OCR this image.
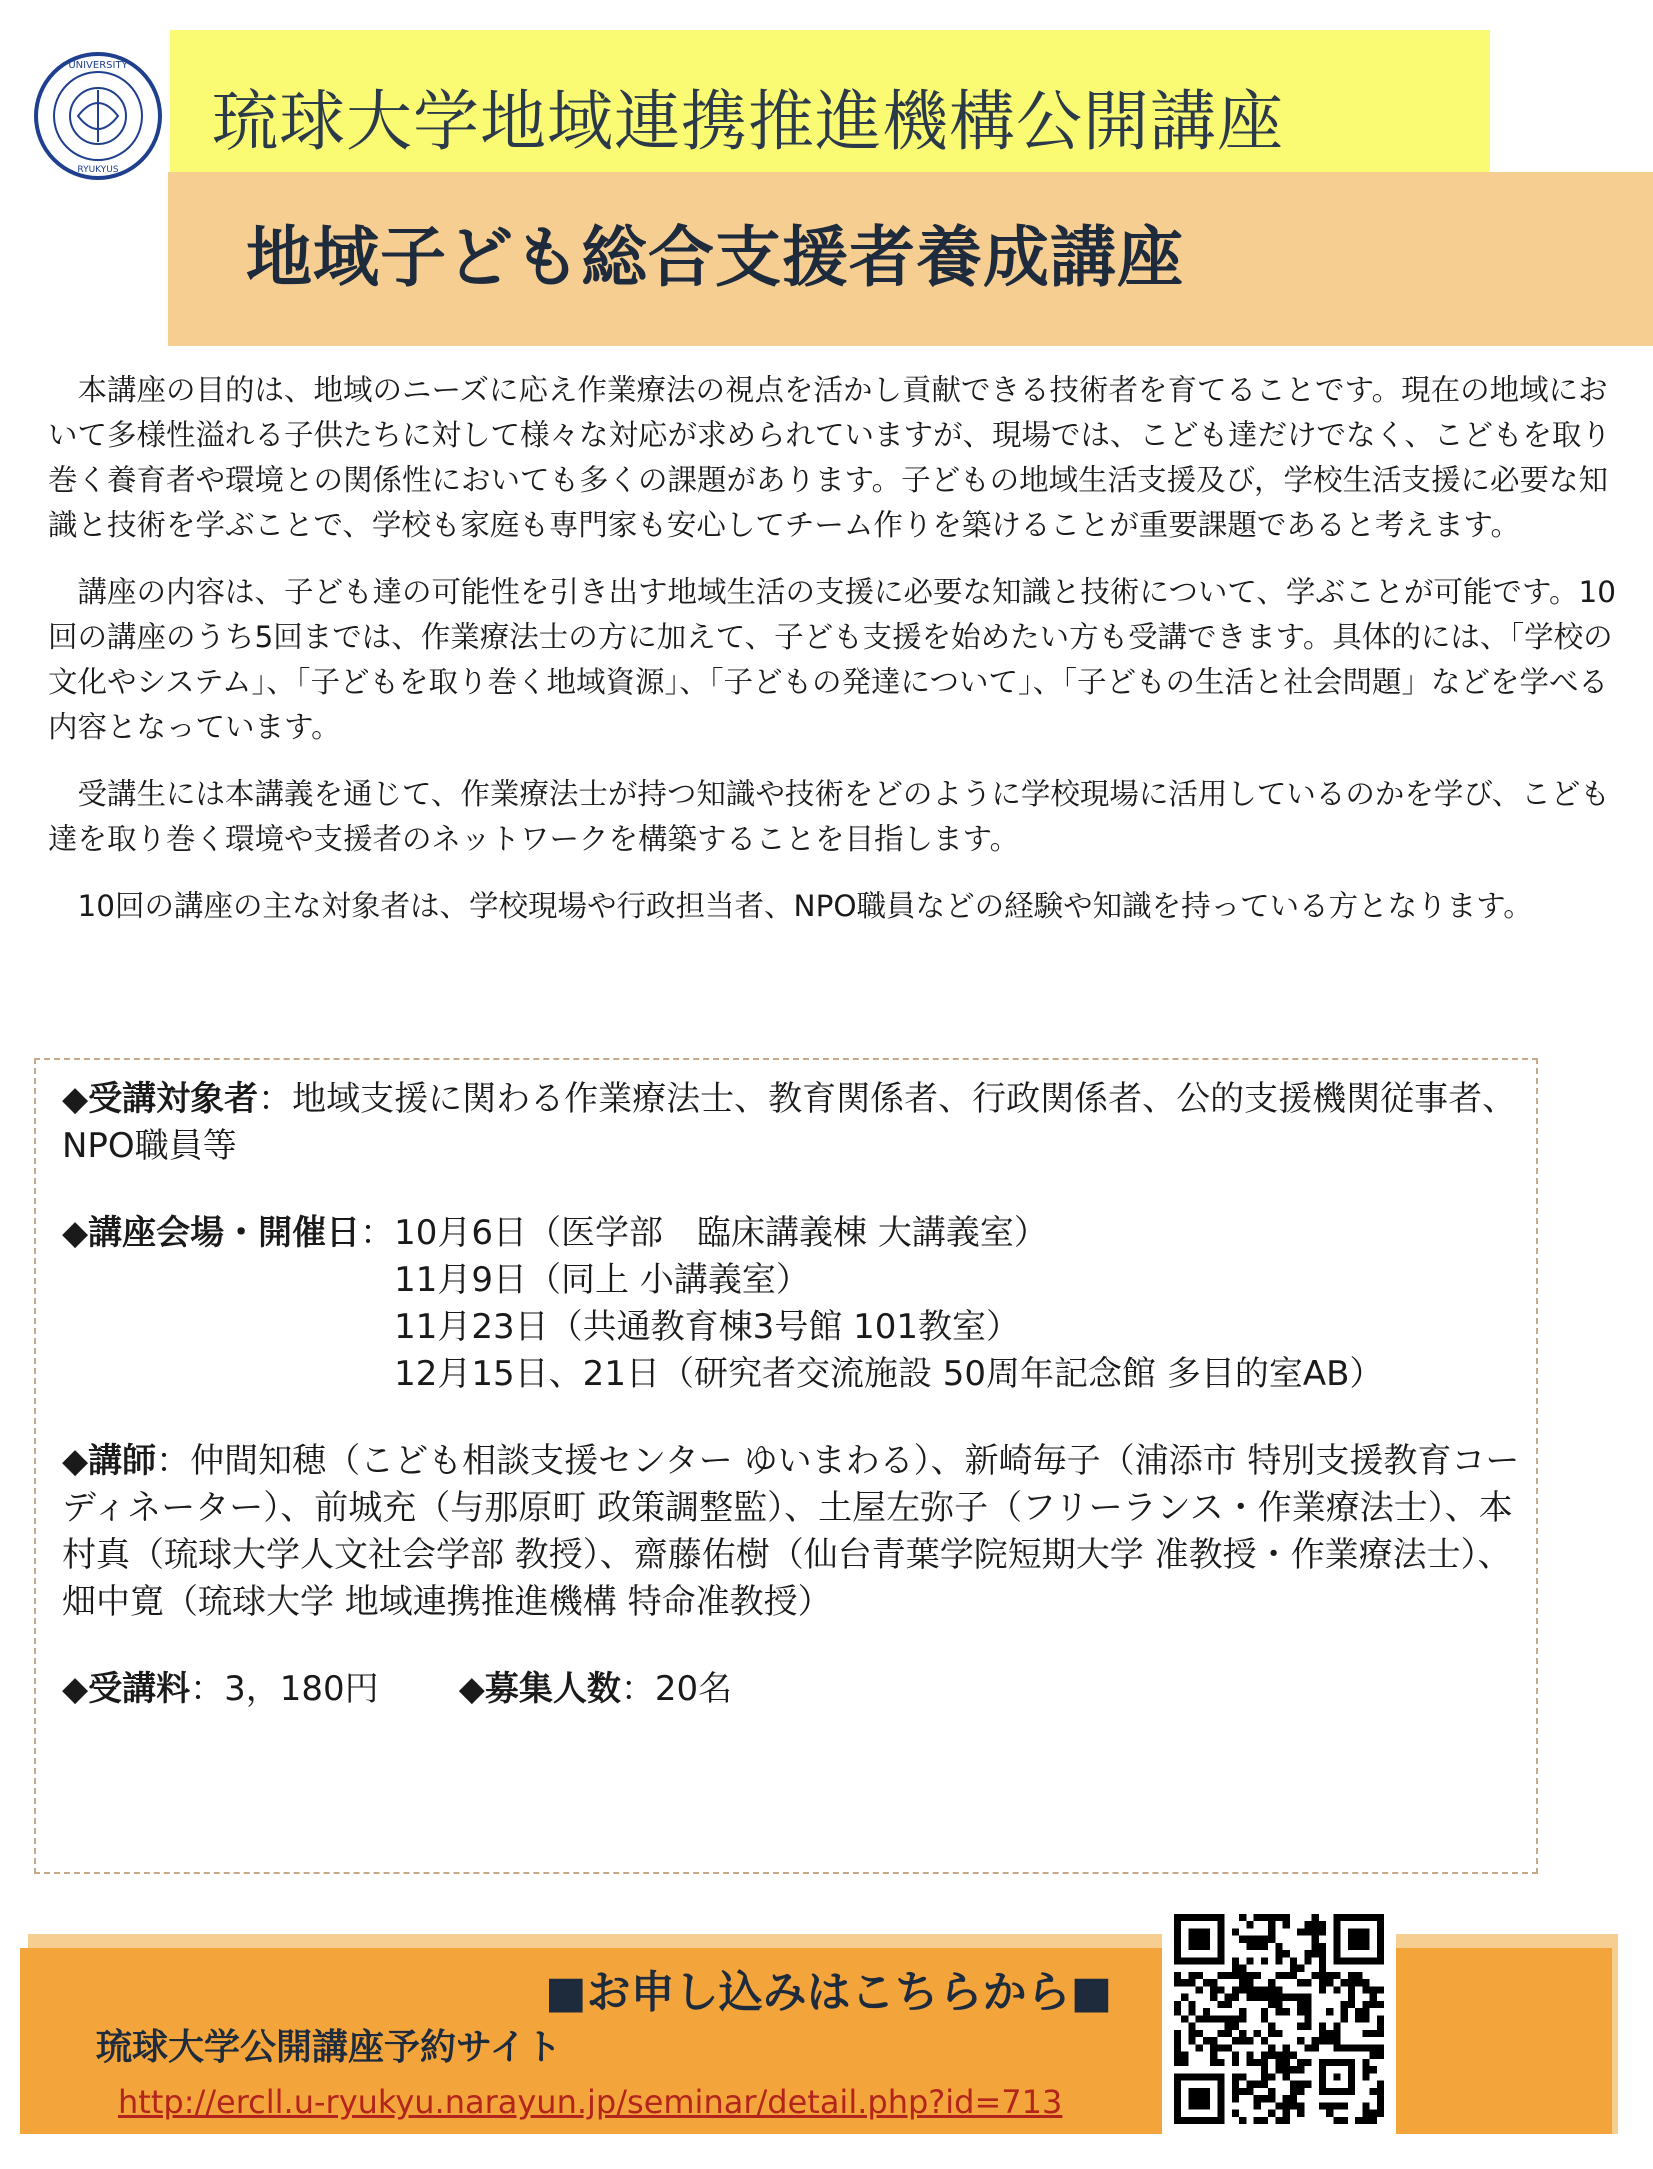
UNIVERSITY
RYUKYUS
琉球大学地域連携推進機構公開講座
地域子ども総合支援者養成講座

本講座の目的は、地域のニーズに応え作業療法の視点を活かし貢献できる技術者を育てることです。現在の地域において多様性溢れる子供たちに対して様々な対応が求められていますが、現場では、こども達だけでなく、こどもを取り巻く養育者や環境との関係性においても多くの課題があります。子どもの地域生活支援及び，学校生活支援に必要な知識と技術を学ぶことで、学校も家庭も専門家も安心してチーム作りを築けることが重要課題であると考えます。

講座の内容は、子ども達の可能性を引き出す地域生活の支援に必要な知識と技術について、学ぶことが可能です。10回の講座のうち5回までは、作業療法士の方に加えて、子ども支援を始めたい方も受講できます。具体的には、「学校の文化やシステム」、「子どもを取り巻く地域資源」、「子どもの発達について」、「子どもの生活と社会問題」などを学べる内容となっています。

受講生には本講義を通じて、作業療法士が持つ知識や技術をどのように学校現場に活用しているのかを学び、こども達を取り巻く環境や支援者のネットワークを構築することを目指します。

10回の講座の主な対象者は、学校現場や行政担当者、NPO職員などの経験や知識を持っている方となります。

◆受講対象者：地域支援に関わる作業療法士、教育関係者、行政関係者、公的支援機関従事者、NPO職員等
◆講座会場・開催日： 10月6日（医学部　臨床講義棟 大講義室）
11月9日（同上 小講義室）
11月23日（共通教育棟3号館 101教室）
12月15日、21日（研究者交流施設 50周年記念館 多目的室AB）
◆講師：仲間知穂（こども相談支援センター ゆいまわる）、新崎毎子（浦添市 特別支援教育コーディネーター）、前城充（与那原町 政策調整監）、土屋左弥子（フリーランス・作業療法士）、本村真（琉球大学人文社会学部 教授）、齋藤佑樹（仙台青葉学院短期大学 准教授・作業療法士）、畑中寛（琉球大学 地域連携推進機構 特命准教授）
◆受講料：3，180円 ◆募集人数：20名
■お申し込みはこちらから■
琉球大学公開講座予約サイト
http://ercll.u-ryukyu.narayun.jp/seminar/detail.php?id=713
